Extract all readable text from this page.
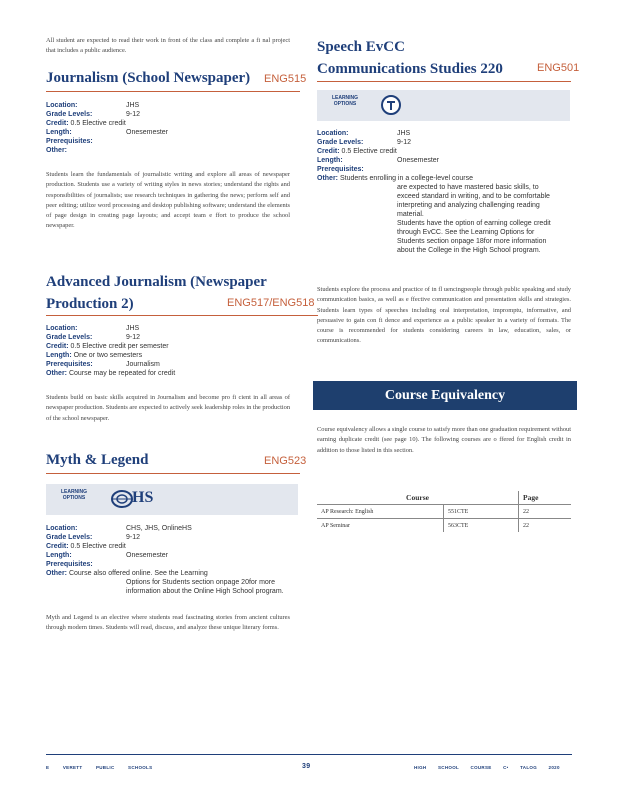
All student are expected to read their work in front of the class and complete a fi nal project that includes a public audience.
Journalism (School Newspaper) ENG515
Location:	JHS
Grade Levels:	9-12
Credit: 0.5 Elective credit
Length:	Onesemester
Prerequisites:
Other:
Students learn the fundamentals of journalistic writing and explore all areas of newspaper production. Students use a variety of writing styles in news stories; understand the rights and responsibilities of journalists; use research techniques in gathering the news; perform self and peer editing; utilize word processing and desktop publishing software; understand the elements of page design in creating page layouts; and accept team e ffort to produce the school newspaper.
Advanced Journalism (Newspaper
Production 2)	ENG517/ENG518
Location:	JHS
Grade Levels:	9-12
Credit: 0.5 Elective credit per semester
Length: One or two semesters
Prerequisites:	Journalism
Other: Course may be repeated for credit
Students build on basic skills acquired in Journalism and become pro fi cient in all areas of newspaper production. Students are expected to actively seek leadership roles in the production of the school newspaper.
Myth & Legend	ENG523
LEARNING OPTIONS	HS
Location:	CHS, JHS, OnlineHS
Grade Levels:	9-12
Credit: 0.5 Elective credit
Length:	Onesemester
Prerequisites:
Other: Course also offered online. See the Learning
Options for Students section onpage 20for more
information about the Online High School program.
Myth and Legend is an elective where students read fascinating stories from ancient cultures through modern times. Students will read, discuss, and analyze these unique literary forms.
Speech EvCC
Communications Studies 220	ENG501
LEARNING OPTIONS
Location:	JHS
Grade Levels:	9-12
Credit: 0.5 Elective credit
Length:	Onesemester
Prerequisites:
Other: Students enrolling in a college-level course
are expected to have mastered basic skills, to
exceed standard in writing, and to be comfortable
interpreting and analyzing challenging reading
material.
Students have the option of earning college credit
through EvCC. See the Learning Options for
Students section onpage 18for more information
about the College in the High School program.
Students explore the process and practice of in fl uencingpeople through public speaking and study communication basics, as well as e ffective communication and presentation skills and strategies. Students learn types of speeches including oral interpretation, impromptu, informative, and persuasive to gain con fi dence and experience as a public speaker in a variety of formats. The course is recommended for students considering careers in law, education, sales, or communications.
Course Equivalency
Course equivalency allows a single course to satisfy more than one graduation requirement without earning duplicate credit (see page 10). The following courses are o ffered for English credit in addition to those listed in this section.
Course		Page
AP Research: English	551CTE	22
AP Seminar	563CTE	22
E VERETT PUBLIC SCHOOLS	39	HIGH SCHOOL COURSE C• TALOG 2020
